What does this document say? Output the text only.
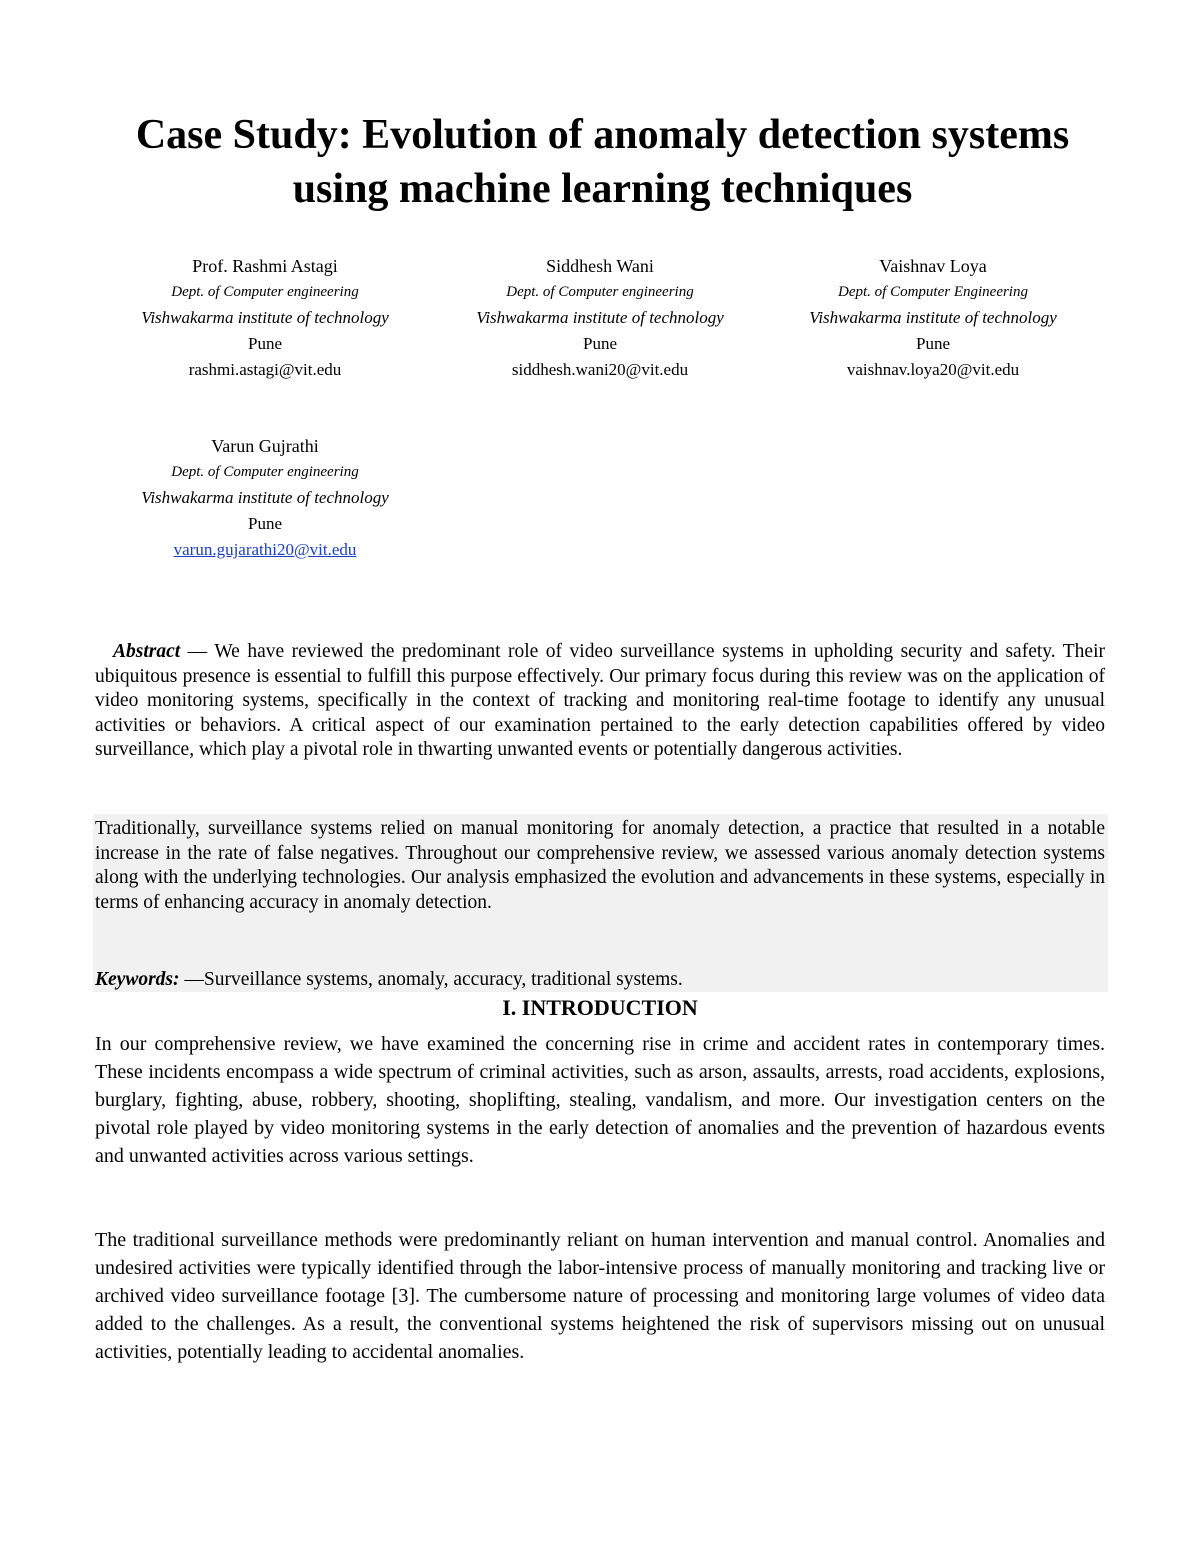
Case Study: Evolution of anomaly detection systems using machine learning techniques
Prof. Rashmi Astagi
Dept. of Computer engineering
Vishwakarma institute of technology
Pune
rashmi.astagi@vit.edu
Siddhesh Wani
Dept. of Computer engineering
Vishwakarma institute of technology
Pune
siddhesh.wani20@vit.edu
Vaishnav Loya
Dept. of Computer Engineering
Vishwakarma institute of technology
Pune
vaishnav.loya20@vit.edu
Varun Gujrathi
Dept. of Computer engineering
Vishwakarma institute of technology
Pune
varun.gujarathi20@vit.edu

Abstract — We have reviewed the predominant role of video surveillance systems in upholding security and safety. Their ubiquitous presence is essential to fulfill this purpose effectively. Our primary focus during this review was on the application of video monitoring systems, specifically in the context of tracking and monitoring real-time footage to identify any unusual activities or behaviors. A critical aspect of our examination pertained to the early detection capabilities offered by video surveillance, which play a pivotal role in thwarting unwanted events or potentially dangerous activities.

Traditionally, surveillance systems relied on manual monitoring for anomaly detection, a practice that resulted in a notable increase in the rate of false negatives. Throughout our comprehensive review, we assessed various anomaly detection systems along with the underlying technologies. Our analysis emphasized the evolution and advancements in these systems, especially in terms of enhancing accuracy in anomaly detection.

Keywords: —Surveillance systems, anomaly, accuracy, traditional systems.

I. INTRODUCTION

In our comprehensive review, we have examined the concerning rise in crime and accident rates in contemporary times. These incidents encompass a wide spectrum of criminal activities, such as arson, assaults, arrests, road accidents, explosions, burglary, fighting, abuse, robbery, shooting, shoplifting, stealing, vandalism, and more. Our investigation centers on the pivotal role played by video monitoring systems in the early detection of anomalies and the prevention of hazardous events and unwanted activities across various settings.

The traditional surveillance methods were predominantly reliant on human intervention and manual control. Anomalies and undesired activities were typically identified through the labor-intensive process of manually monitoring and tracking live or archived video surveillance footage [3]. The cumbersome nature of processing and monitoring large volumes of video data added to the challenges. As a result, the conventional systems heightened the risk of supervisors missing out on unusual activities, potentially leading to accidental anomalies.
